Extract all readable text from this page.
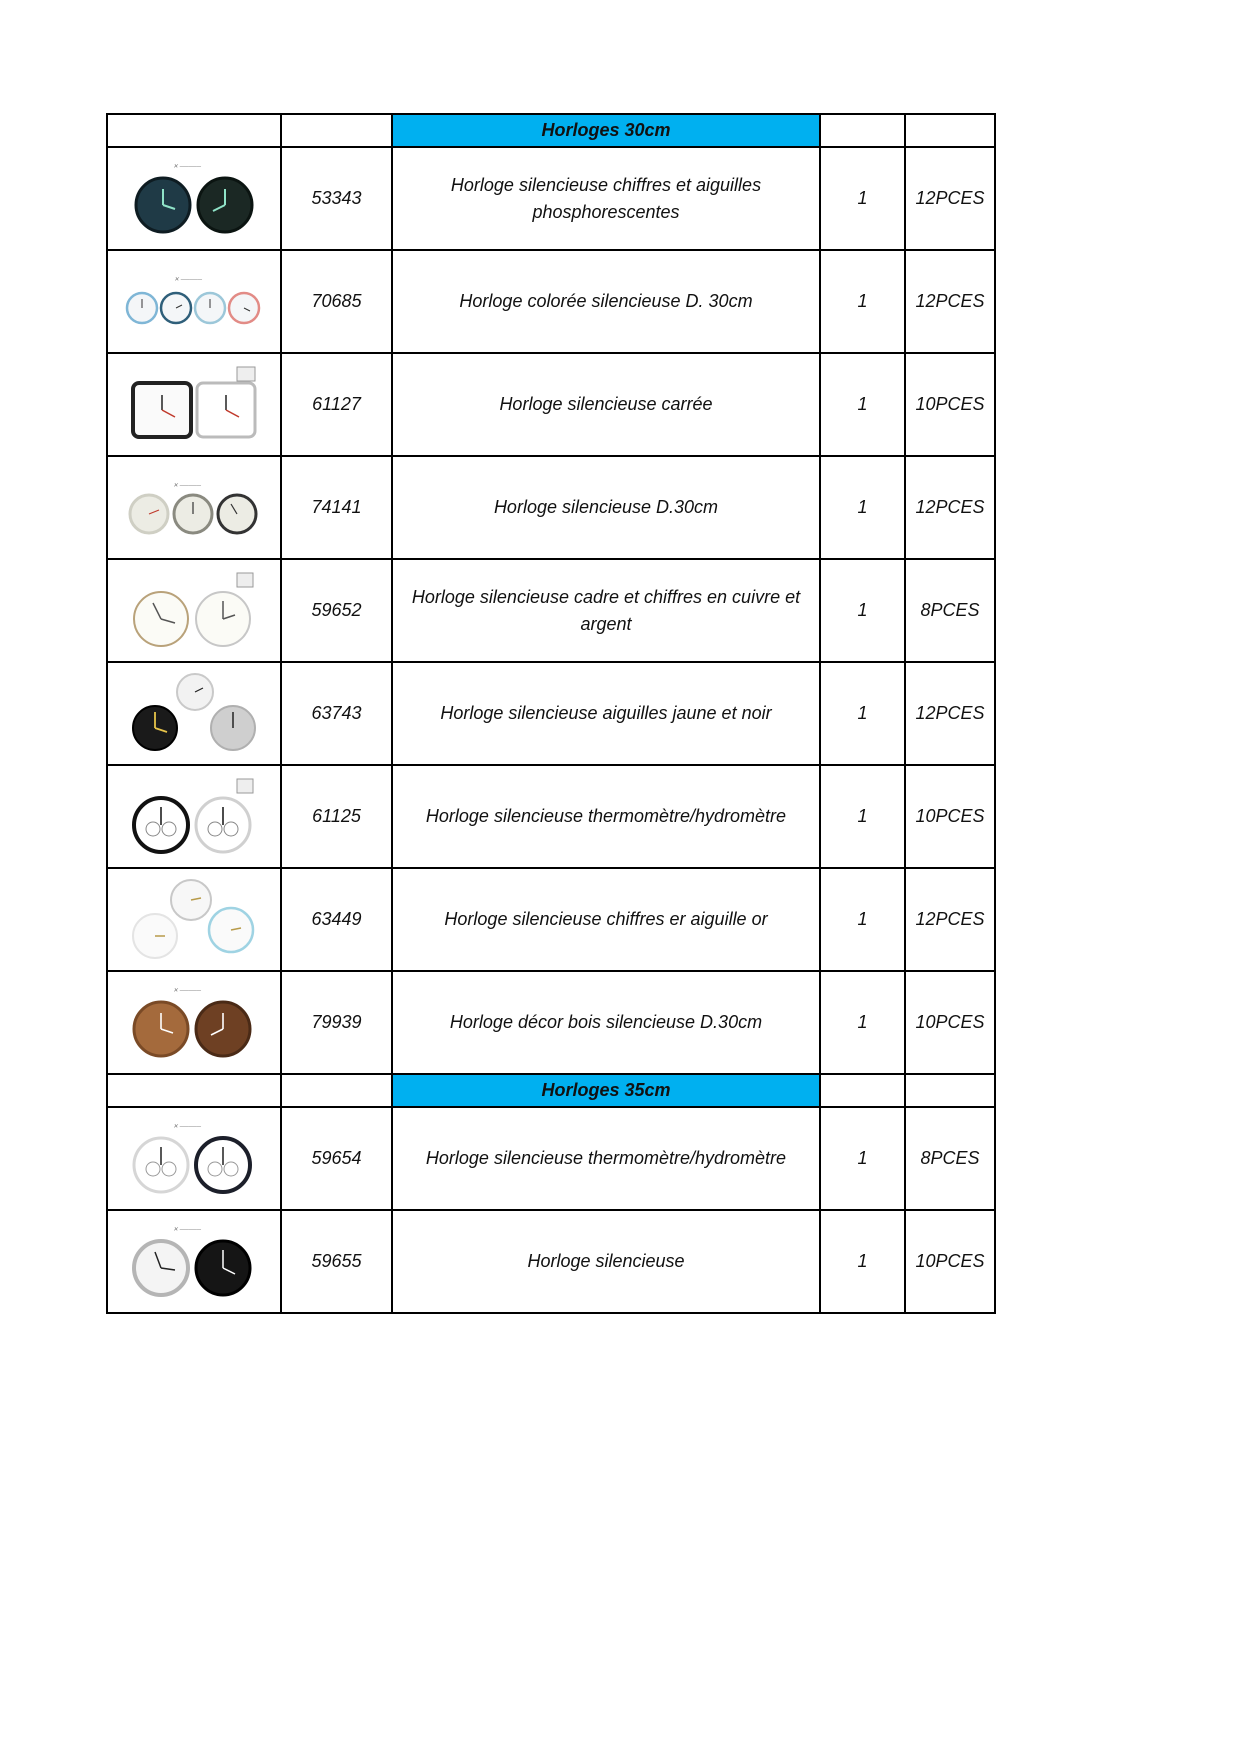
		Horloges 30cm		

✕ ─────	53343	Horloge silencieuse chiffres et aiguilles phosphorescentes	1	12PCES

✕ ─────	70685	Horloge colorée silencieuse D. 30cm	1	12PCES

	61127	Horloge silencieuse carrée	1	10PCES

✕ ─────	74141	Horloge silencieuse D.30cm	1	12PCES

	59652	Horloge silencieuse cadre et chiffres en cuivre et argent	1	8PCES

	63743	Horloge silencieuse aiguilles jaune et noir	1	12PCES

	61125	Horloge silencieuse thermomètre/hydromètre	1	10PCES

	63449	Horloge silencieuse chiffres er aiguille or	1	12PCES

✕ ─────	79939	Horloge décor bois silencieuse D.30cm	1	10PCES
		Horloges 35cm		

✕ ─────	59654	Horloge silencieuse thermomètre/hydromètre	1	8PCES

✕ ─────	59655	Horloge silencieuse	1	10PCES
